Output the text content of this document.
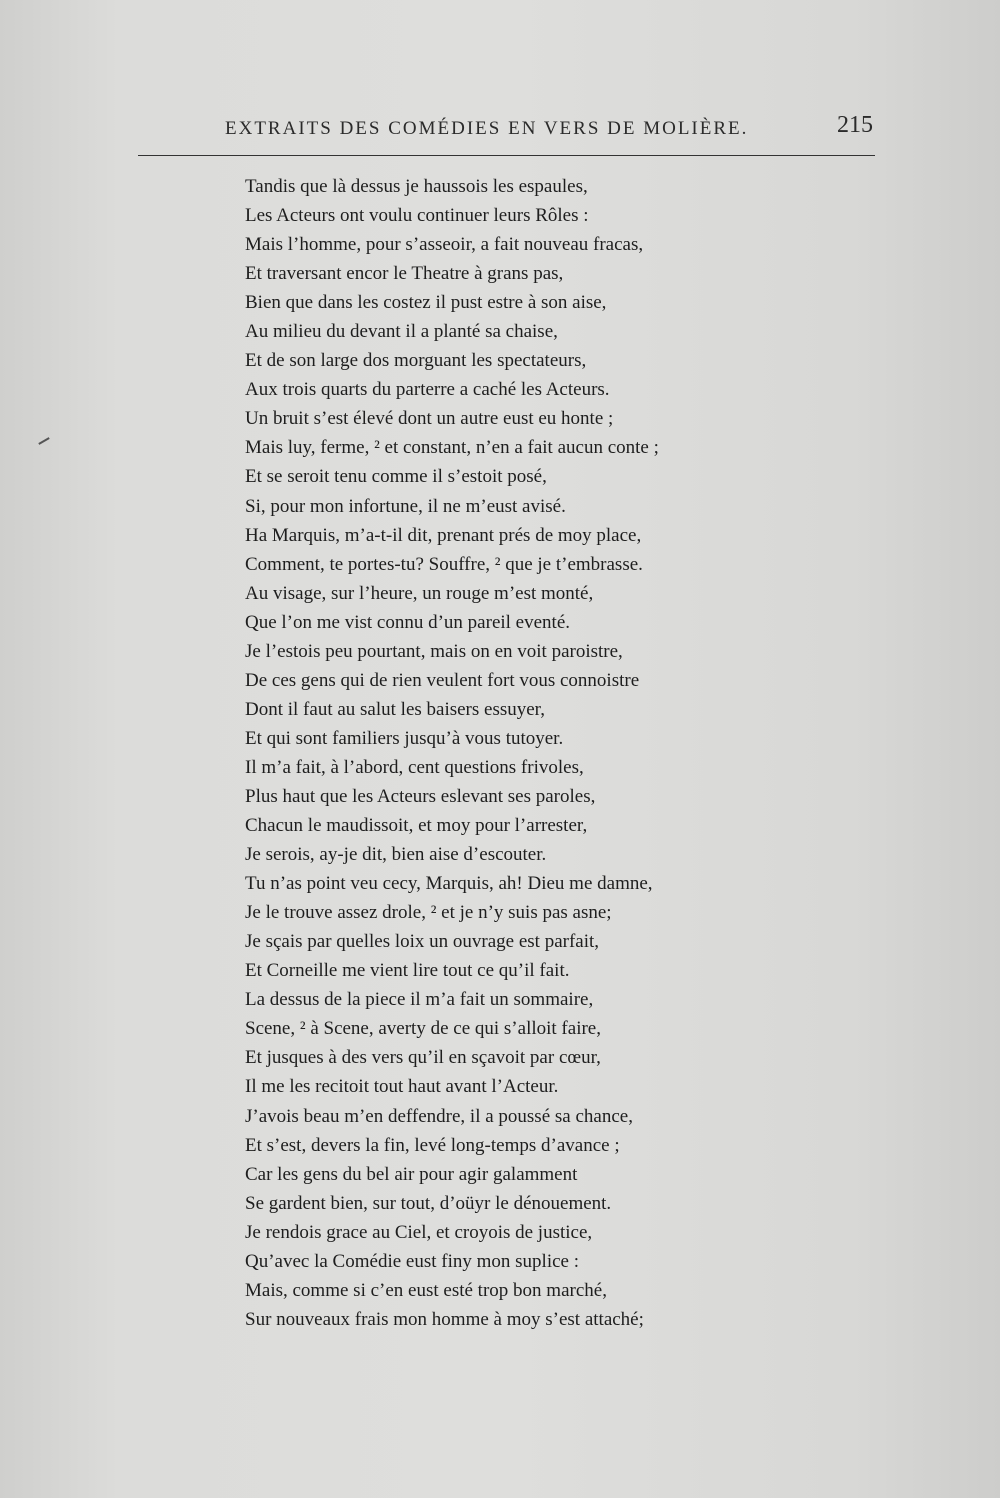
EXTRAITS DES COMÉDIES EN VERS DE MOLIÈRE.	215
Tandis que là dessus je haussois les espaules,
Les Acteurs ont voulu continuer leurs Rôles :
Mais l’homme, pour s’asseoir, a fait nouveau fracas,
Et traversant encor le Theatre à grans pas,
Bien que dans les costez il pust estre à son aise,
Au milieu du devant il a planté sa chaise,
Et de son large dos morguant les spectateurs,
Aux trois quarts du parterre a caché les Acteurs.
Un bruit s’est élevé dont un autre eust eu honte ;
Mais luy, ferme, ² et constant, n’en a fait aucun conte ;
Et se seroit tenu comme il s’estoit posé,
Si, pour mon infortune, il ne m’eust avisé.
Ha Marquis, m’a-t-il dit, prenant prés de moy place,
Comment, te portes-tu? Souffre, ² que je t’embrasse.
Au visage, sur l’heure, un rouge m’est monté,
Que l’on me vist connu d’un pareil eventé.
Je l’estois peu pourtant, mais on en voit paroistre,
De ces gens qui de rien veulent fort vous connoistre
Dont il faut au salut les baisers essuyer,
Et qui sont familiers jusqu’à vous tutoyer.
Il m’a fait, à l’abord, cent questions frivoles,
Plus haut que les Acteurs eslevant ses paroles,
Chacun le maudissoit, et moy pour l’arrester,
Je serois, ay-je dit, bien aise d’escouter.
Tu n’as point veu cecy, Marquis, ah! Dieu me damne,
Je le trouve assez drole, ² et je n’y suis pas asne;
Je sçais par quelles loix un ouvrage est parfait,
Et Corneille me vient lire tout ce qu’il fait.
La dessus de la piece il m’a fait un sommaire,
Scene, ² à Scene, averty de ce qui s’alloit faire,
Et jusques à des vers qu’il en sçavoit par cœur,
Il me les recitoit tout haut avant l’Acteur.
J’avois beau m’en deffendre, il a poussé sa chance,
Et s’est, devers la fin, levé long-temps d’avance ;
Car les gens du bel air pour agir galamment
Se gardent bien, sur tout, d’oüyr le dénouement.
Je rendois grace au Ciel, et croyois de justice,
Qu’avec la Comédie eust finy mon suplice :
Mais, comme si c’en eust esté trop bon marché,
Sur nouveaux frais mon homme à moy s’est attaché;
